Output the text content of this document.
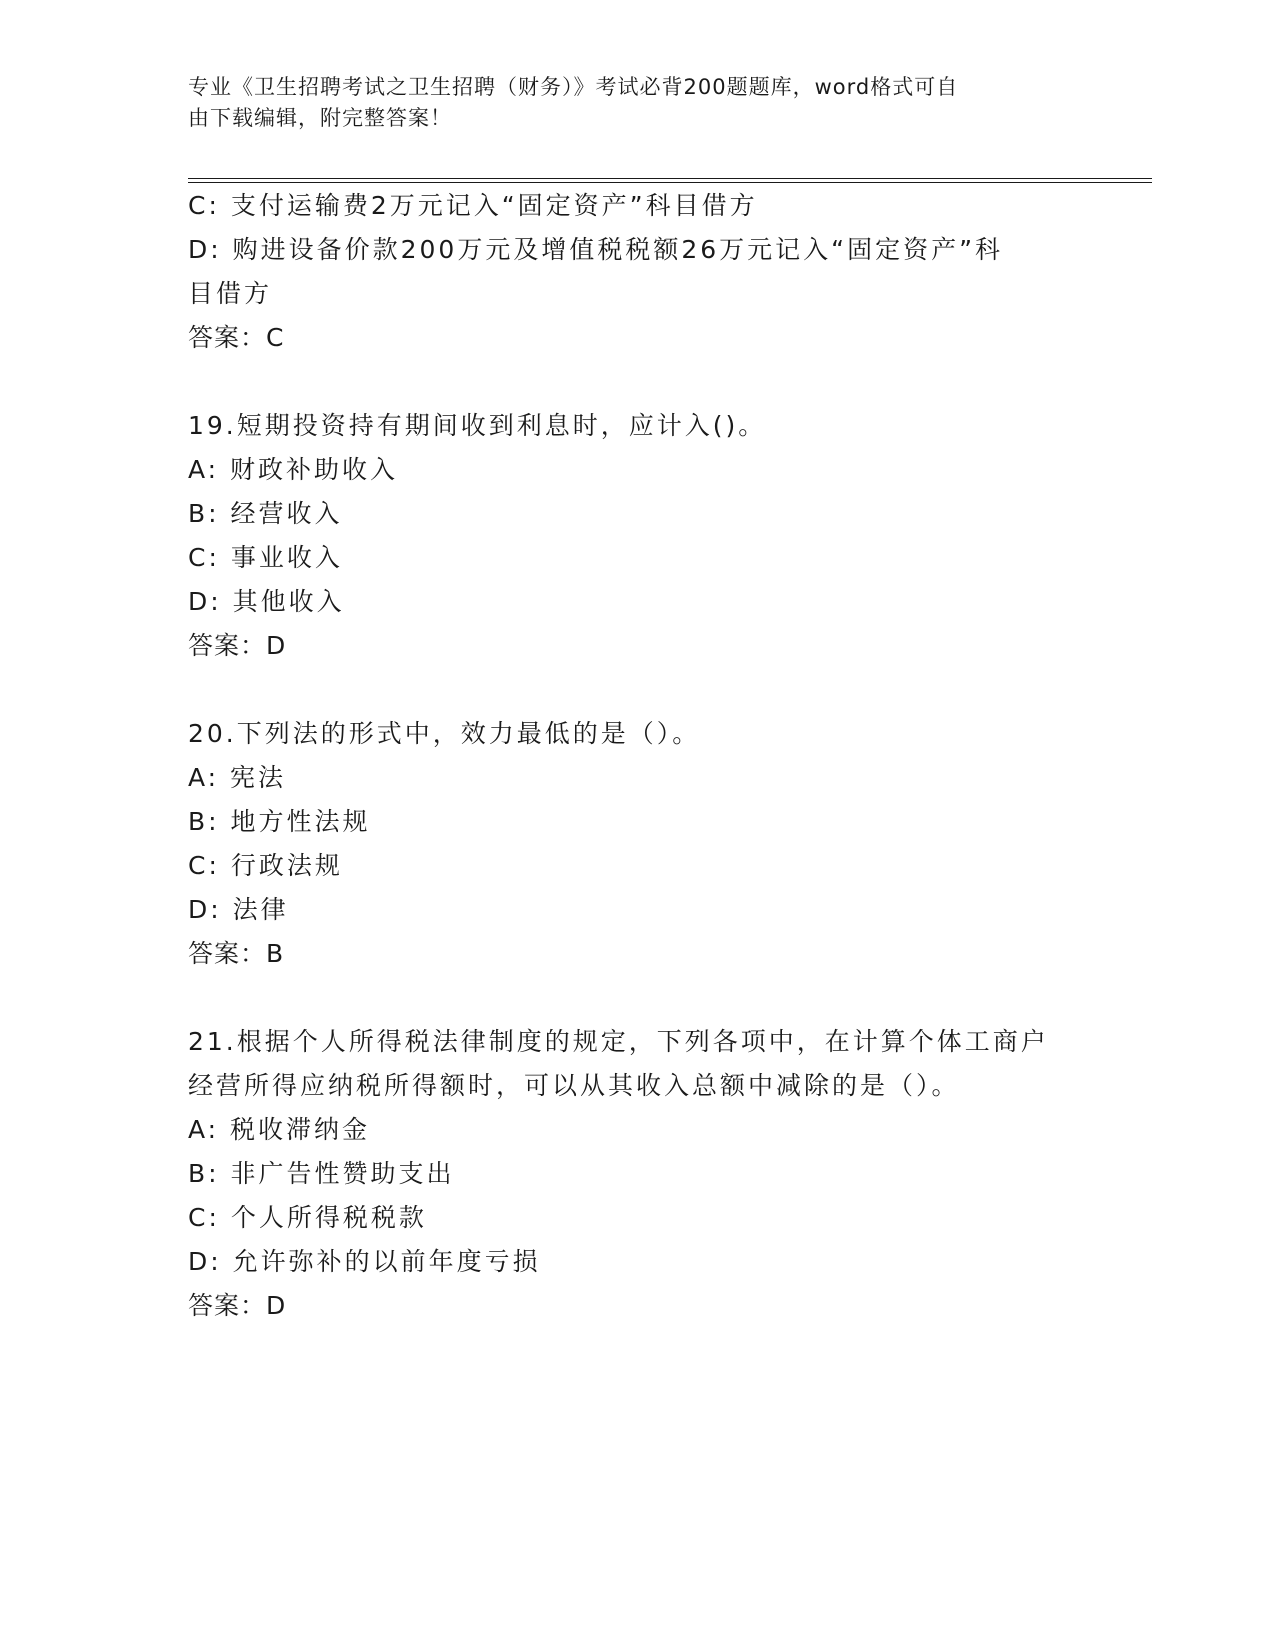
专业《卫生招聘考试之卫生招聘（财务）》考试必背200题题库，word格式可自
由下载编辑，附完整答案！
C: 支付运输费2万元记入“固定资产”科目借方
D: 购进设备价款200万元及增值税税额26万元记入“固定资产”科
目借方
答案：C
19.短期投资持有期间收到利息时，应计入()。
A: 财政补助收入
B: 经营收入
C: 事业收入
D: 其他收入
答案：D
20.下列法的形式中，效力最低的是（）。
A: 宪法
B: 地方性法规
C: 行政法规
D: 法律
答案：B
21.根据个人所得税法律制度的规定，下列各项中，在计算个体工商户
经营所得应纳税所得额时，可以从其收入总额中减除的是（）。
A: 税收滞纳金
B: 非广告性赞助支出
C: 个人所得税税款
D: 允许弥补的以前年度亏损
答案：D
